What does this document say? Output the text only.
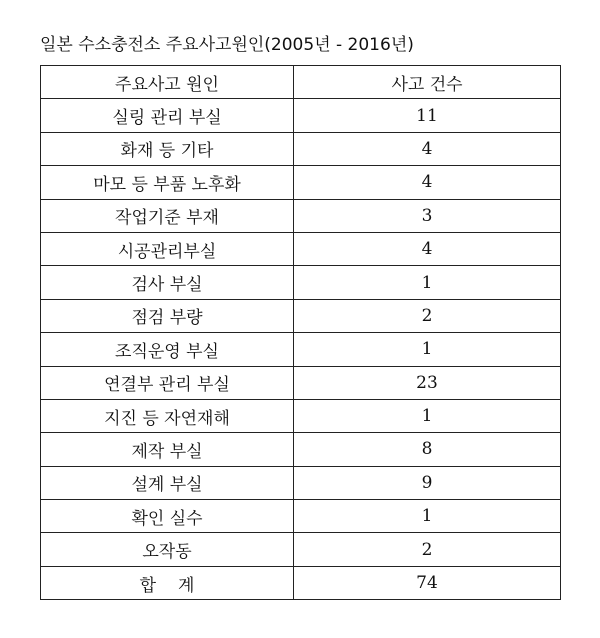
일본 수소충전소 주요사고원인(2005년 - 2016년)
주요사고 원인	사고 건수
실링 관리 부실	11
화재 등 기타	4
마모 등 부품 노후화	4
작업기준 부재	3
시공관리부실	4
검사 부실	1
점검 부량	2
조직운영 부실	1
연결부 관리 부실	23
지진 등 자연재해	1
제작 부실	8
설계 부실	9
확인 실수	1
오작동	2
합계	74
